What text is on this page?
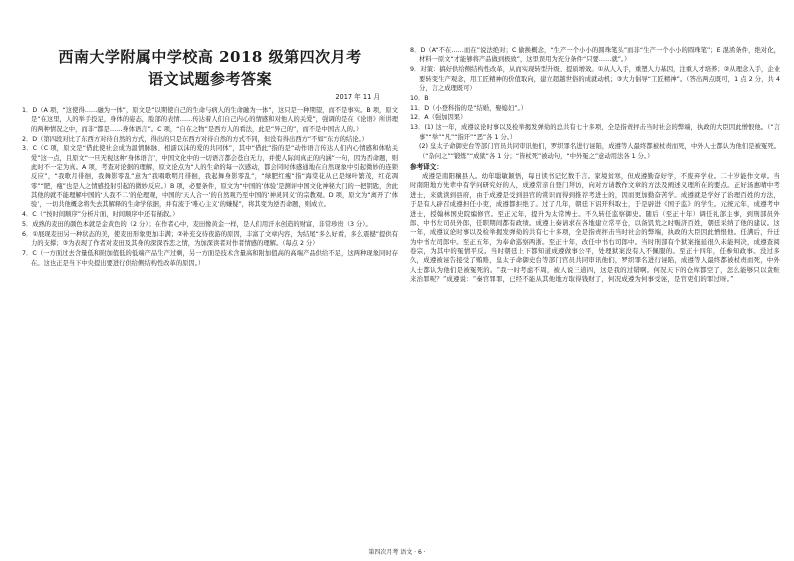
西南大学附属中学校高 2018 级第四次月考
语文试题参考答案
2017 年 11 月

1．D（A 项，“这使得……融为一体”，原文是“以期使自己的生命与病人的生命融为一体”，这只是一种期望，而不是事实。B 项，原文是“在这里，人的举手投足，身体的姿态，脸部的表情……传达着人们自己内心的情感和对他人的关爱”，强调的是在《论语》所讲理的两种情况之中，而非“都是……身体语言”。C 项，“自在之物”是西方人的看法，此是“异己的”，而不是中国古人的。）

2．D（第四段对比了东西方对待自然的方式，得出的只是东西方对待自然的方式不同，但没有得出西方“不如”东方的结论。）

3．C（C 项，原文是“借此使社会成为温情脉脉、相濡以沫的爱的共同体”，其中“借此”指的是“动作语言传达人们内心情感和体贴关爱”这一点，且原文“一旦无视这种‘身体语言’，中国文化中的一切语言都会苍白无力，并使人际间真正的内涵”一句，因为否命题，则此时不一定为真。A 项，考查对论据的理解，原文论点为“人的生命的每一次感动，都会同时体感通地在自然现象中引起微妙的连锁反应”，“我歌月徘徊，我舞影零乱”意为“我唱歌明月徘徊，我起舞身影零乱”，“绿肥红瘦”指“海棠花从已是绿叶繁茂，红花凋零”“肥，瘦”也是人之情感投射引起的微妙反应。）B 项，必要条件，原文为“中国的‘体验’是测评中国文化神秘大门的一把钥匙，舍此其他的就不能理解中国的‘人我不二’的伦理观，中国的‘天人合一’的自然观乃至中国的‘神灵同义’的宗教观。D 项，原文为“离开了‘体验’，一切共他概念将失去其解释的生命学依据，并有流于‘唯心主义’的嫌疑”，将其变为逆否命题，则成立。

4．C（“按时间顺序”分析片面，时间顺序中还有插叙。）

5．成熟的麦田的颜色本就是金黄色的（2 分）；在作者心中，麦田像黄金一样，是人们用汗水创造的财富，非常珍贵（3 分）。

6．①展现麦田另一种状态的美，使麦田形象更加丰满；②补充交待夜游的原因，丰富了文章内容，为结尾“多么好看，多么震撼”提供有力的支撑；③为表现了作者对麦田及其身的深深吞恋之情，为加深读者对作者情感的理解。（每点 2 分）

7．C（一方面过去含量低和附加值低的低端产品生产过剩，另一方面是技术含量高和附加值高的高端产品供给不足，这两种现象同时存在。这也正是当下中央提出要进行供给侧结构性改革的原因。）

8．D（A“不在……而在”说法绝对；C 偷换概念，“生产一个小小的圆珠笔头”而非“生产一个小小的圆珠笔”；E 混淆条件，绝对化，材料一原文“才能够将产品做到极致”，这里误用为充分条件“只要……就”。）

9．对策：搞好供给侧结构性改革，从而实现转型升级、提质增效。①从人入手，重塑人力基因，注重人才培养；②从理念入手，企业要转变生产观念，用工匠精神的价值取向，建立超越世俗的成就动机；③大力倡导“工匠精神”。（答出两点既可，1 点 2 分，共 4 分，言之成理既可）

10．B

11．D（小登科指的是“结婚，娶媳妇”。）

12．A（强加因果）

13．(1) 这一年，成遵议论时事以及检举揭发弹劾的总共有七十多项，全是指责抨击当时社会的弊端，执政的大臣因此憎恨他。（“言事”“举”“凡”“指讦”“恶”各 1 分。）

(2) 皇太子命御史台等部门官员共同审讯他们，罗织罪名进行诬陷，成遵等人最终都被杖责而死，中外人士都认为他们是被冤死。（“杂问之”“锻炼”“成狱”各 1 分；“皆杖死”被动句，“中外冤之”意动用法各 1 分。）

参考译文：

成遵是南阳穰县人。幼年聪敏颖悟，每日读书记忆数千言。家境贫寒，但成遵勤奋好学，不废弃学业。二十岁能作文章。当时南阳地方先辈中有学问研究好的人，成遵常亲自登门拜访，向对方请教作文章的方法及阐述义理所在的要点。正好汤惠晴中考进士，来就读到县府，由于成遵是受到县官的赏识而得到推荐考进士的，因而更加勤奋苦学。成遵就是学好了治理百姓的方法，于是有人辟召成遵担任小吏，成遵都拒绝了。过了几年，朝廷下诏开科取士，于是辟进《国子监》的学生。元统元年，成遵考中进士，授翰林国史院编修官。至正元年，提升为太常博士。不久转任监察御史。随后（至正十年）调任礼部主事，到刑部员外郎、中书左司员外郎，任职期间都有政绩。成遵上奏请求在各地建立常平仓，以备饥荒之时赈济百姓，朝廷采纳了他的建议。这一年，成遵议论时事以及检举揭发弹劾的共有七十多项，全是指责抨击当时社会的弊端，执政的大臣因此憎恨他。任满后，升迁为中书左司郎中。至正五年，为奉命巡察两浙。至正十年，改任中书右司郎中。当时刑部有个狱案拖延很久未能判决，成遵查阅卷宗，为其中的冤情平反。当时朝廷上下都知道成遵做事公平，处理狱案没有人不佩服的。至正十四年，任参知政事。没过多久，成遵被诬告接受了贿赂，皇太子命御史台等部门官员共同审讯他们，罗织罪名进行诬陷，成遵等人最终都被杖责而死，中外人士都认为他们是被冤死的。“我一时考虑不周，被人说三道四，这是我的过错啊。何况天下的仓库都空了，怎么能够只以贪赃来治罪呢？”成遵说：“秦官罪罪，已经不能从其他地方取得钱财了，何况成遵为何事受诬，是官吏们的罪过呀。”

第四次月考 语文 · 6 ·
